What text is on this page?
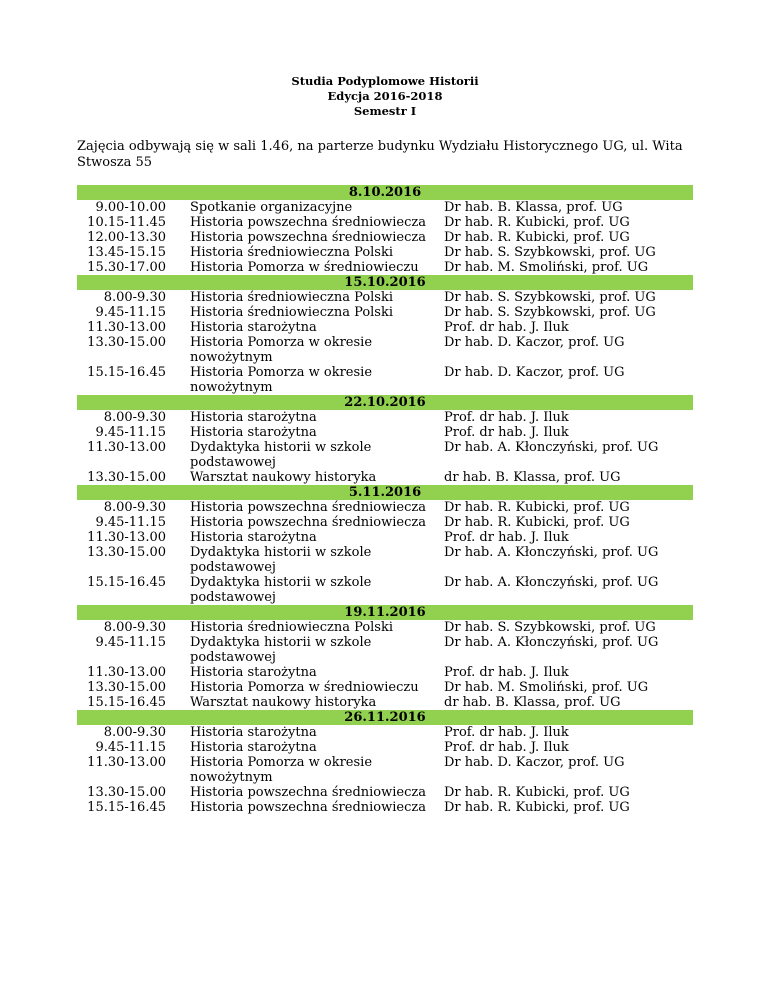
Studia Podyplomowe Historii
Edycja 2016-2018
Semestr I
Zajęcia odbywają się w sali 1.46, na parterze budynku Wydziału Historycznego UG, ul. Wita Stwosza 55
8.10.2016				
9.00-10.00		Spotkanie organizacyjne		Dr hab. B. Klassa, prof. UG
10.15-11.45		Historia powszechna średniowiecza		Dr hab. R. Kubicki, prof. UG
12.00-13.30		Historia powszechna średniowiecza		Dr hab. R. Kubicki, prof. UG
13.45-15.15		Historia średniowieczna Polski		Dr hab. S. Szybkowski, prof. UG
15.30-17.00		Historia Pomorza w średniowieczu		Dr hab. M. Smoliński, prof. UG
15.10.2016				
8.00-9.30		Historia średniowieczna Polski		Dr hab. S. Szybkowski, prof. UG
9.45-11.15		Historia średniowieczna Polski		Dr hab. S. Szybkowski, prof. UG
11.30-13.00		Historia starożytna		Prof. dr hab. J. Iluk
13.30-15.00		Historia Pomorza w okresie nowożytnym		Dr hab. D. Kaczor, prof. UG
15.15-16.45		Historia Pomorza w okresie nowożytnym		Dr hab. D. Kaczor, prof. UG
22.10.2016				
8.00-9.30		Historia starożytna		Prof. dr hab. J. Iluk
9.45-11.15		Historia starożytna		Prof. dr hab. J. Iluk
11.30-13.00		Dydaktyka historii w szkole podstawowej		Dr hab. A. Kłonczyński, prof. UG
13.30-15.00		Warsztat naukowy historyka		dr hab. B. Klassa, prof. UG
5.11.2016				
8.00-9.30		Historia powszechna średniowiecza		Dr hab. R. Kubicki, prof. UG
9.45-11.15		Historia powszechna średniowiecza		Dr hab. R. Kubicki, prof. UG
11.30-13.00		Historia starożytna		Prof. dr hab. J. Iluk
13.30-15.00		Dydaktyka historii w szkole podstawowej		Dr hab. A. Kłonczyński, prof. UG
15.15-16.45		Dydaktyka historii w szkole podstawowej		Dr hab. A. Kłonczyński, prof. UG
19.11.2016				
8.00-9.30		Historia średniowieczna Polski		Dr hab. S. Szybkowski, prof. UG
9.45-11.15		Dydaktyka historii w szkole podstawowej		Dr hab. A. Kłonczyński, prof. UG
11.30-13.00		Historia starożytna		Prof. dr hab. J. Iluk
13.30-15.00		Historia Pomorza w średniowieczu		Dr hab. M. Smoliński, prof. UG
15.15-16.45		Warsztat naukowy historyka		dr hab. B. Klassa, prof. UG
26.11.2016				
8.00-9.30		Historia starożytna		Prof. dr hab. J. Iluk
9.45-11.15		Historia starożytna		Prof. dr hab. J. Iluk
11.30-13.00		Historia Pomorza w okresie nowożytnym		Dr hab. D. Kaczor, prof. UG
13.30-15.00		Historia powszechna średniowiecza		Dr hab. R. Kubicki, prof. UG
15.15-16.45		Historia powszechna średniowiecza		Dr hab. R. Kubicki, prof. UG
